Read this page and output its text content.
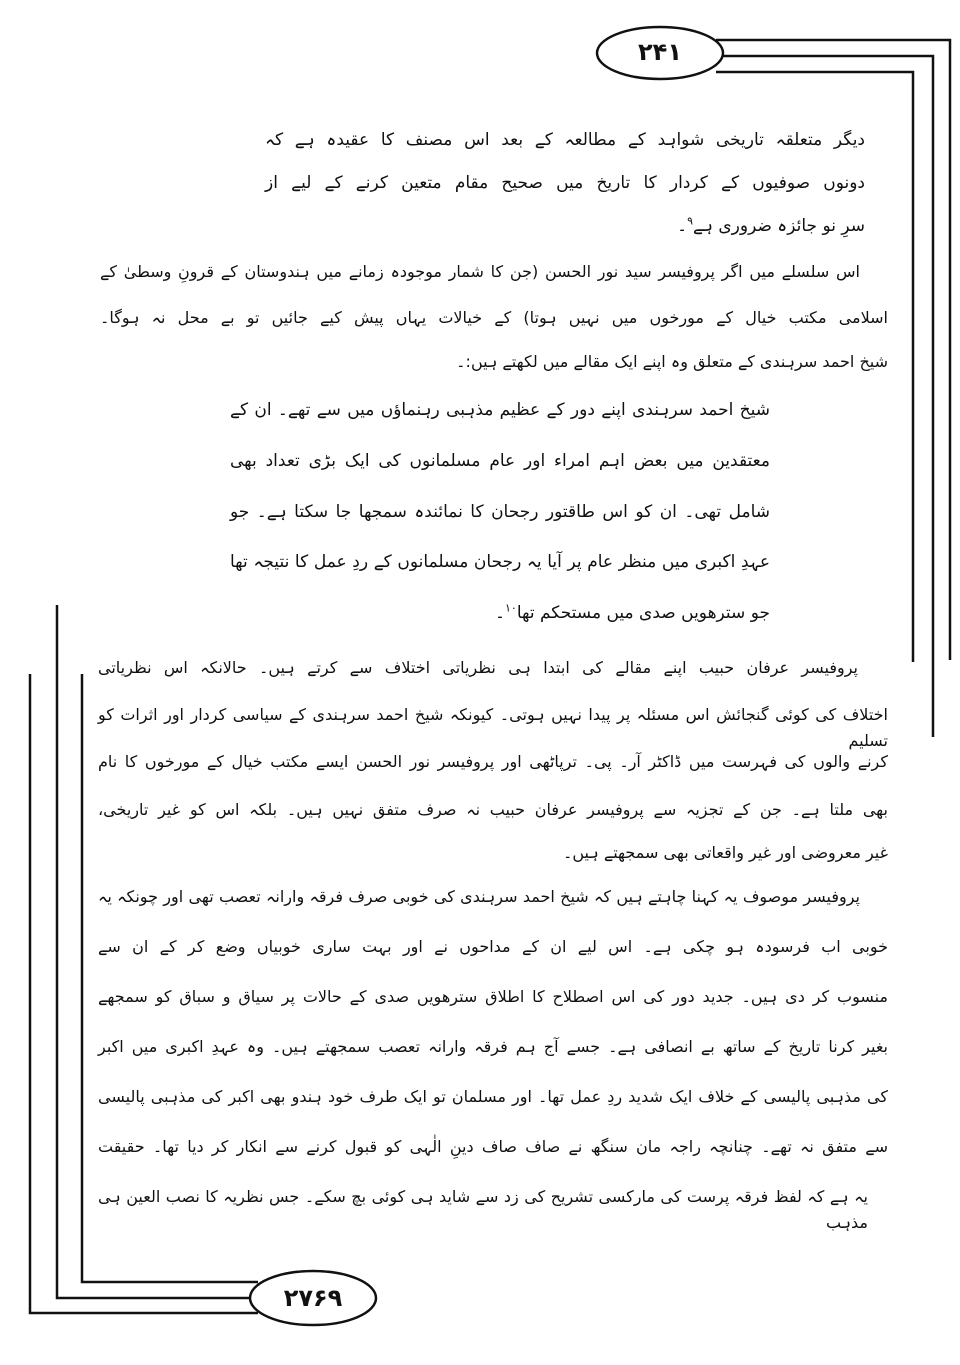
۲۴۱
۲۷۶۹
دیگر متعلقہ تاریخی شواہد کے مطالعہ کے بعد اس مصنف کا عقیدہ ہے کہ
دونوں صوفیوں کے کردار کا تاریخ میں صحیح مقام متعین کرنے کے لیے از
سرِ نو جائزہ ضروری ہے$^۹$۔
اس سلسلے میں اگر پروفیسر سید نور الحسن (جن کا شمار موجودہ زمانے میں ہندوستان کے قرونِ وسطیٰ کے
اسلامی مکتب خیال کے مورخوں میں نہیں ہوتا) کے خیالات یہاں پیش کیے جائیں تو بے محل نہ ہوگا۔
شیخ احمد سرہندی کے متعلق وہ اپنے ایک مقالے میں لکھتے ہیں:۔
شیخ احمد سرہندی اپنے دور کے عظیم مذہبی رہنماؤں میں سے تھے۔ ان کے
معتقدین میں بعض اہم امراء اور عام مسلمانوں کی ایک بڑی تعداد بھی
شامل تھی۔ ان کو اس طاقتور رجحان کا نمائندہ سمجھا جا سکتا ہے۔ جو
عہدِ اکبری میں منظر عام پر آیا یہ رجحان مسلمانوں کے ردِ عمل کا نتیجہ تھا
جو سترھویں صدی میں مستحکم تھا$^{۱۰}$۔
پروفیسر عرفان حبیب اپنے مقالے کی ابتدا ہی نظریاتی اختلاف سے کرتے ہیں۔ حالانکہ اس نظریاتی
اختلاف کی کوئی گنجائش اس مسئلہ پر پیدا نہیں ہوتی۔ کیونکہ شیخ احمد سرہندی کے سیاسی کردار اور اثرات کو تسلیم
کرنے والوں کی فہرست میں ڈاکٹر آر۔ پی۔ ترپاٹھی اور پروفیسر نور الحسن ایسے مکتب خیال کے مورخوں کا نام
بھی ملتا ہے۔ جن کے تجزیہ سے پروفیسر عرفان حبیب نہ صرف متفق نہیں ہیں۔ بلکہ اس کو غیر تاریخی،
غیر معروضی اور غیر واقعاتی بھی سمجھتے ہیں۔
پروفیسر موصوف یہ کہنا چاہتے ہیں کہ شیخ احمد سرہندی کی خوبی صرف فرقہ وارانہ تعصب تھی اور چونکہ یہ
خوبی اب فرسودہ ہو چکی ہے۔ اس لیے ان کے مداحوں نے اور بہت ساری خوبیاں وضع کر کے ان سے
منسوب کر دی ہیں۔ جدید دور کی اس اصطلاح کا اطلاق سترھویں صدی کے حالات پر سیاق و سباق کو سمجھے
بغیر کرنا تاریخ کے ساتھ بے انصافی ہے۔ جسے آج ہم فرقہ وارانہ تعصب سمجھتے ہیں۔ وہ عہدِ اکبری میں اکبر
کی مذہبی پالیسی کے خلاف ایک شدید ردِ عمل تھا۔ اور مسلمان تو ایک طرف خود ہندو بھی اکبر کی مذہبی پالیسی
سے متفق نہ تھے۔ چنانچہ راجہ مان سنگھ نے صاف صاف دینِ الٰہی کو قبول کرنے سے انکار کر دیا تھا۔ حقیقت
یہ ہے کہ لفظ فرقہ پرست کی مارکسی تشریح کی زد سے شاید ہی کوئی بچ سکے۔ جس نظریہ کا نصب العین ہی مذہب
